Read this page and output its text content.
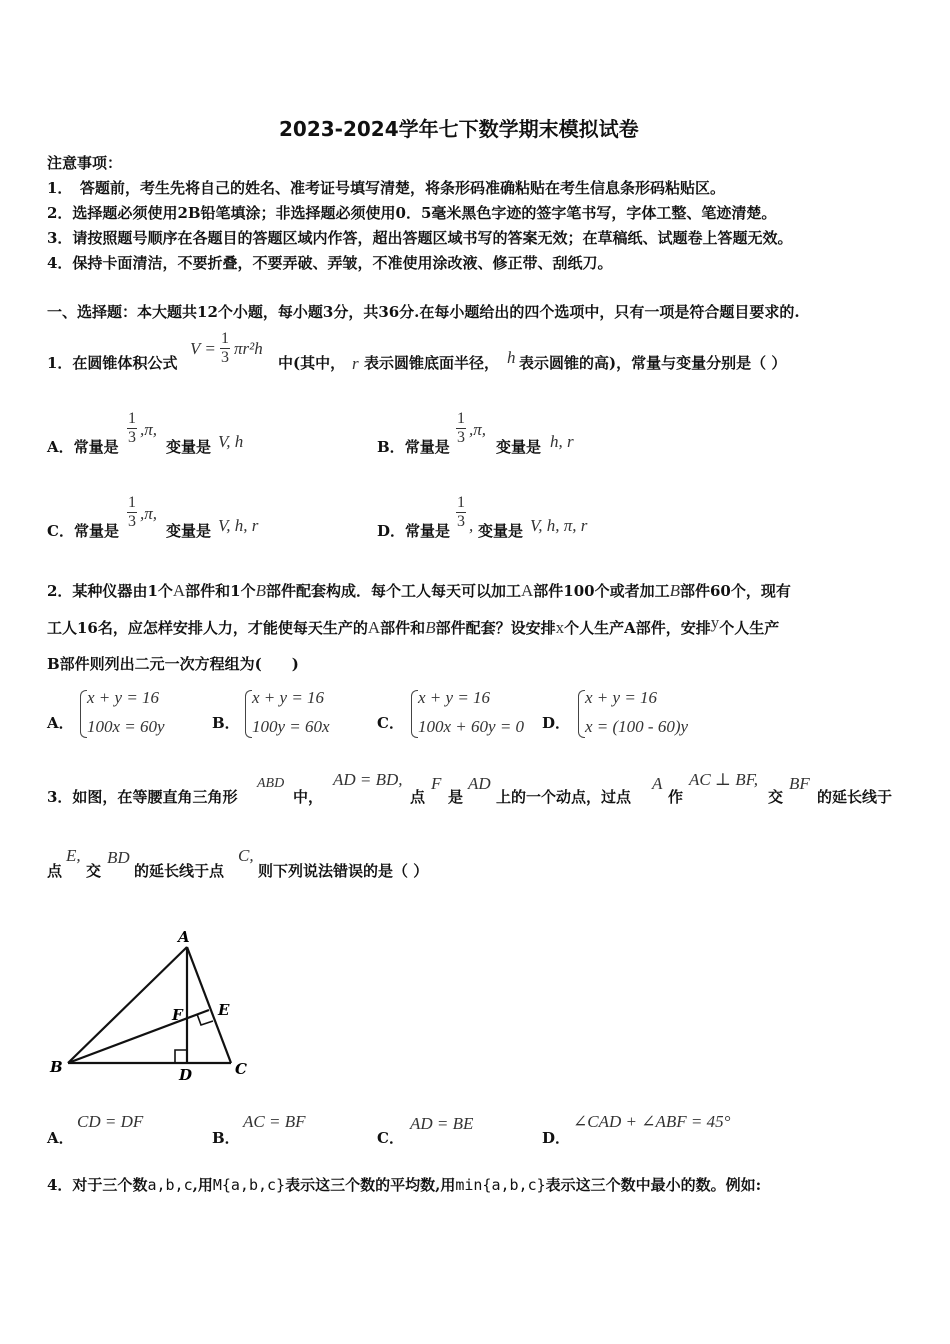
2023-2024学年七下数学期末模拟试卷
注意事项：
1．　答题前，考生先将自己的姓名、准考证号填写清楚，将条形码准确粘贴在考生信息条形码粘贴区。
2．选择题必须使用2B铅笔填涂；非选择题必须使用0．5毫米黑色字迹的签字笔书写，字体工整、笔迹清楚。
3．请按照题号顺序在各题目的答题区域内作答，超出答题区域书写的答案无效；在草稿纸、试题卷上答题无效。
4．保持卡面清洁，不要折叠，不要弄破、弄皱，不准使用涂改液、修正带、刮纸刀。
一、选择题：本大题共12个小题，每小题3分，共36分.在每小题给出的四个选项中，只有一项是符合题目要求的.
1．在圆锥体积公式
V =
1
3 πr²h
中(其中， r 表示圆锥底面半径， h 表示圆锥的高)，常量与变量分别是（ ）
A．常量是
1
3 ,π,
变量是 V, h	B．常量是
1
3 ,π,
变量是 h, r
C．常量是
1
3 ,π,
变量是 V, h, r	D．常量是
1
3 , 变量是 V, h, π, r
2．某种仪器由1个A部件和1个B部件配套构成．每个工人每天可以加工A部件100个或者加工B部件60个，现有
工人16名，应怎样安排人力，才能使每天生产的A部件和B部件配套？设安排x个人生产A部件，安排y个人生产
B部件则列出二元一次方程组为(　　)
A．
x + y = 16
100x = 60y	B．
x + y = 16
100y = 60x	C．
x + y = 16
100x + 60y = 0 D．
x + y = 16
x = (100 - 60)y
3．如图，在等腰直角三角形
ABD
中，
AD = BD,
点
F
是
AD
上的一个动点，过点
A
作
AC ⊥ BF,
交
BF
的延长线于
点
E,
交
BD
的延长线于点
C,
则下列说法错误的是（ ）
A
B	C
D
E
F
A．
CD = DF
B．
AC = BF
C．
AD = BE
D．
∠CAD + ∠ABF = 45°
4．对于三个数a,b,c,用M{a,b,c}表示这三个数的平均数,用min{a,b,c}表示这三个数中最小的数。例如:
